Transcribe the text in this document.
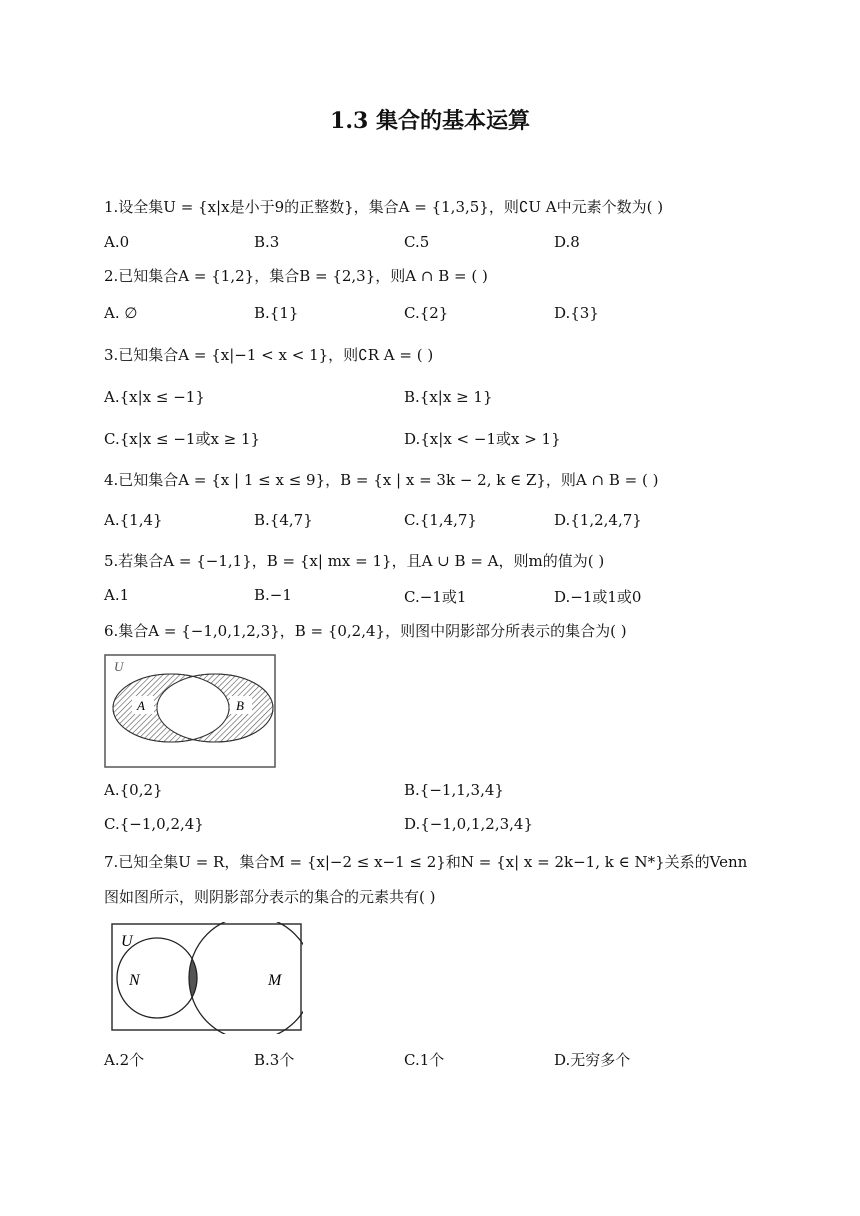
1.3 集合的基本运算
1.设全集U = {x|x是小于9的正整数}，集合A = {1,3,5}，则∁U A中元素个数为( )
A.0	B.3	C.5	D.8
2.已知集合A = {1,2}，集合B = {2,3}，则A ∩ B = ( )
A. ∅	B.{1}	C.{2}	D.{3}
3.已知集合A = {x|−1 < x < 1}，则∁R A = ( )
A.{x|x ≤ −1}	B.{x|x ≥ 1}
C.{x|x ≤ −1或x ≥ 1}	D.{x|x < −1或x > 1}
4.已知集合A = {x | 1 ≤ x ≤ 9}，B = {x | x = 3k − 2, k ∈ Z}，则A ∩ B = ( )
A.{1,4}	B.{4,7}	C.{1,4,7}	D.{1,2,4,7}
5.若集合A = {−1,1}，B = {x| mx = 1}，且A ∪ B = A，则m的值为( )
A.1	B.−1	C.−1或1	D.−1或1或0
6.集合A = {−1,0,1,2,3}，B = {0,2,4}，则图中阴影部分所表示的集合为( )
U
A	B
A.{0,2}	B.{−1,1,3,4}
C.{−1,0,2,4}	D.{−1,0,1,2,3,4}
7.已知全集U = R，集合M = {x|−2 ≤ x−1 ≤ 2}和N = {x| x = 2k−1, k ∈ N*}关系的Venn
图如图所示，则阴影部分表示的集合的元素共有( )
U
N	M
A.2个	B.3个	C.1个	D.无穷多个
